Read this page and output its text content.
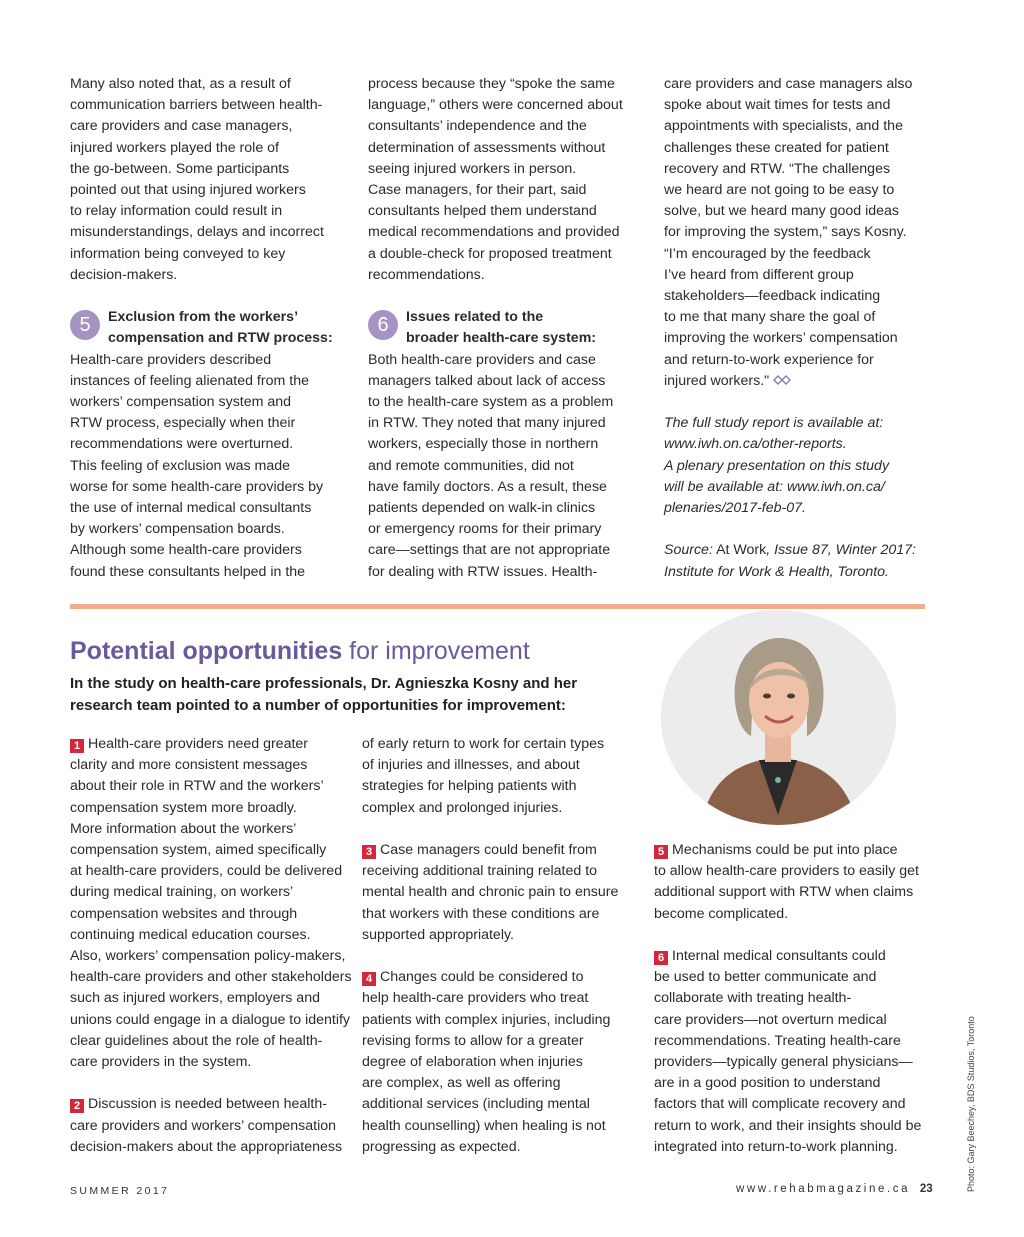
Many also noted that, as a result of
communication barriers between health-
care providers and case managers,
injured workers played the role of
the go-between. Some participants
pointed out that using injured workers
to relay information could result in
misunderstandings, delays and incorrect
information being conveyed to key
decision-makers.
5	Exclusion from the workers’
compensation and RTW process:
Health-care providers described
instances of feeling alienated from the
workers’ compensation system and
RTW process, especially when their
recommendations were overturned.
This feeling of exclusion was made
worse for some health-care providers by
the use of internal medical consultants
by workers’ compensation boards.
Although some health-care providers
found these consultants helped in the
process because they “spoke the same
language,” others were concerned about
consultants’ independence and the
determination of assessments without
seeing injured workers in person.
Case managers, for their part, said
consultants helped them understand
medical recommendations and provided
a double-check for proposed treatment
recommendations.
6	Issues related to the
broader health-care system:
Both health-care providers and case
managers talked about lack of access
to the health-care system as a problem
in RTW. They noted that many injured
workers, especially those in northern
and remote communities, did not
have family doctors. As a result, these
patients depended on walk-in clinics
or emergency rooms for their primary
care—settings that are not appropriate
for dealing with RTW issues. Health-
care providers and case managers also
spoke about wait times for tests and
appointments with specialists, and the
challenges these created for patient
recovery and RTW. “The challenges
we heard are not going to be easy to
solve, but we heard many good ideas
for improving the system,” says Kosny.
“I’m encouraged by the feedback
I’ve heard from different group
stakeholders—feedback indicating
to me that many share the goal of
improving the workers’ compensation
and return-to-work experience for
injured workers."
The full study report is available at:
www.iwh.on.ca/other-reports.
A plenary presentation on this study
will be available at: www.iwh.on.ca/
plenaries/2017-feb-07.
Source: At Work, Issue 87, Winter 2017:
Institute for Work & Health, Toronto.
Potential opportunities for improvement
In the study on health-care professionals, Dr. Agnieszka Kosny and her
research team pointed to a number of opportunities for improvement:
1 Health-care providers need greater
clarity and more consistent messages
about their role in RTW and the workers’
compensation system more broadly.
More information about the workers’
compensation system, aimed specifically
at health-care providers, could be delivered
during medical training, on workers’
compensation websites and through
continuing medical education courses.
Also, workers’ compensation policy-makers,
health-care providers and other stakeholders
such as injured workers, employers and
unions could engage in a dialogue to identify
clear guidelines about the role of health-
care providers in the system.
2 Discussion is needed between health-
care providers and workers’ compensation
decision-makers about the appropriateness
of early return to work for certain types
of injuries and illnesses, and about
strategies for helping patients with
complex and prolonged injuries.
3 Case managers could benefit from
receiving additional training related to
mental health and chronic pain to ensure
that workers with these conditions are
supported appropriately.
4 Changes could be considered to
help health-care providers who treat
patients with complex injuries, including
revising forms to allow for a greater
degree of elaboration when injuries
are complex, as well as offering
additional services (including mental
health counselling) when healing is not
progressing as expected.
5 Mechanisms could be put into place
to allow health-care providers to easily get
additional support with RTW when claims
become complicated.
6 Internal medical consultants could
be used to better communicate and
collaborate with treating health-
care providers—not overturn medical
recommendations. Treating health-care
providers—typically general physicians—
are in a good position to understand
factors that will complicate recovery and
return to work, and their insights should be
integrated into return-to-work planning.	Photo: Gary Beechey, BDS Studios, Toronto
SUMMER 2017	www.rehabmagazine.ca 23
